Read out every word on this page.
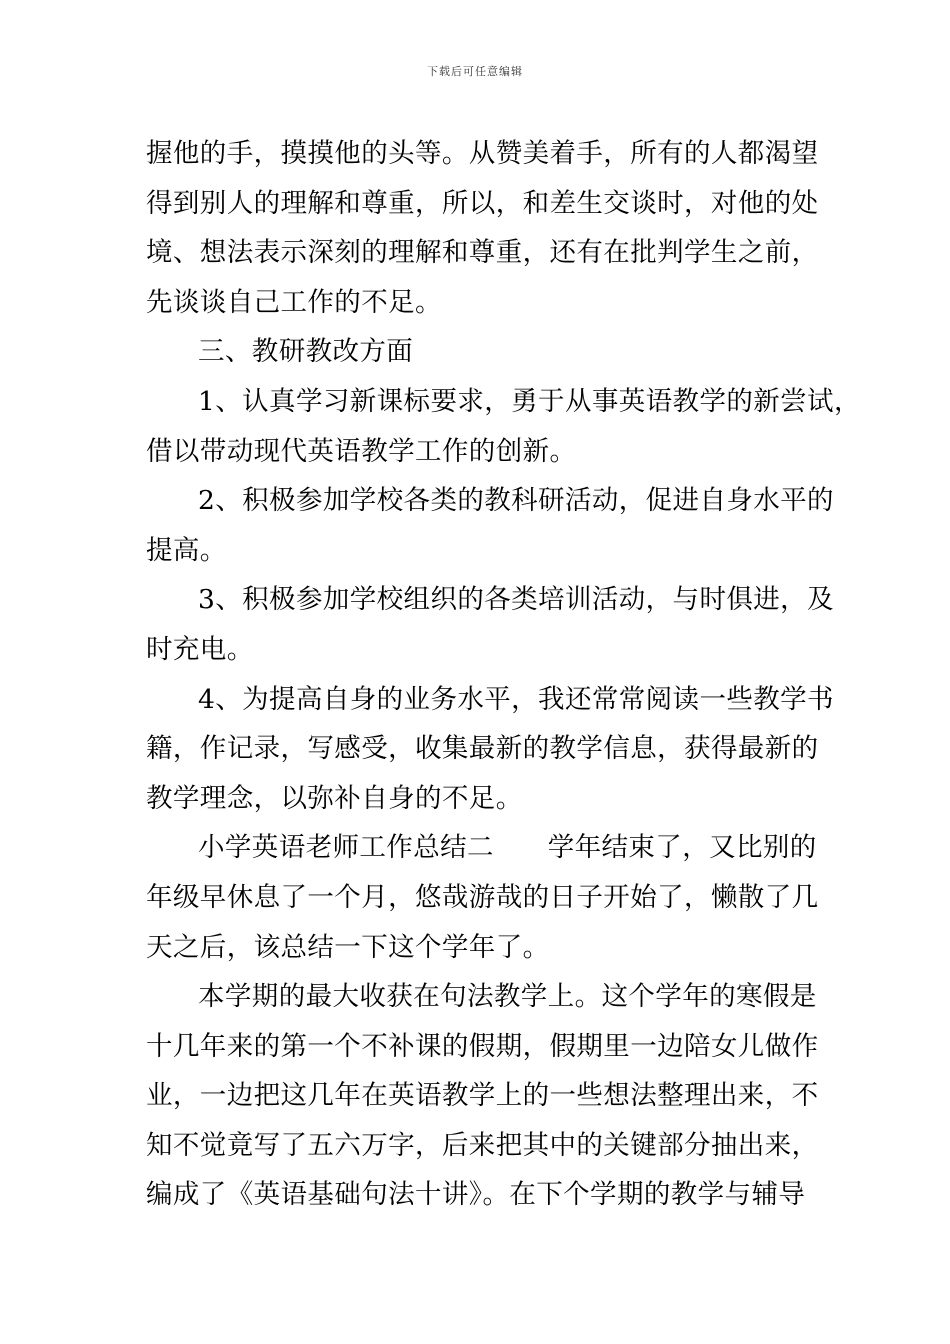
下载后可任意编辑
握他的手，摸摸他的头等。从赞美着手，所有的人都渴望
得到别人的理解和尊重，所以，和差生交谈时，对他的处
境、想法表示深刻的理解和尊重，还有在批判学生之前，
先谈谈自己工作的不足。
三、教研教改方面
1、认真学习新课标要求，勇于从事英语教学的新尝试，
借以带动现代英语教学工作的创新。
2、积极参加学校各类的教科研活动，促进自身水平的
提高。
3、积极参加学校组织的各类培训活动，与时俱进，及
时充电。
4、为提高自身的业务水平，我还常常阅读一些教学书
籍，作记录，写感受，收集最新的教学信息，获得最新的
教学理念，以弥补自身的不足。
小学英语老师工作总结二　　学年结束了，又比别的
年级早休息了一个月，悠哉游哉的日子开始了，懒散了几
天之后，该总结一下这个学年了。
本学期的最大收获在句法教学上。这个学年的寒假是
十几年来的第一个不补课的假期，假期里一边陪女儿做作
业，一边把这几年在英语教学上的一些想法整理出来，不
知不觉竟写了五六万字，后来把其中的关键部分抽出来，
编成了《英语基础句法十讲》。在下个学期的教学与辅导
